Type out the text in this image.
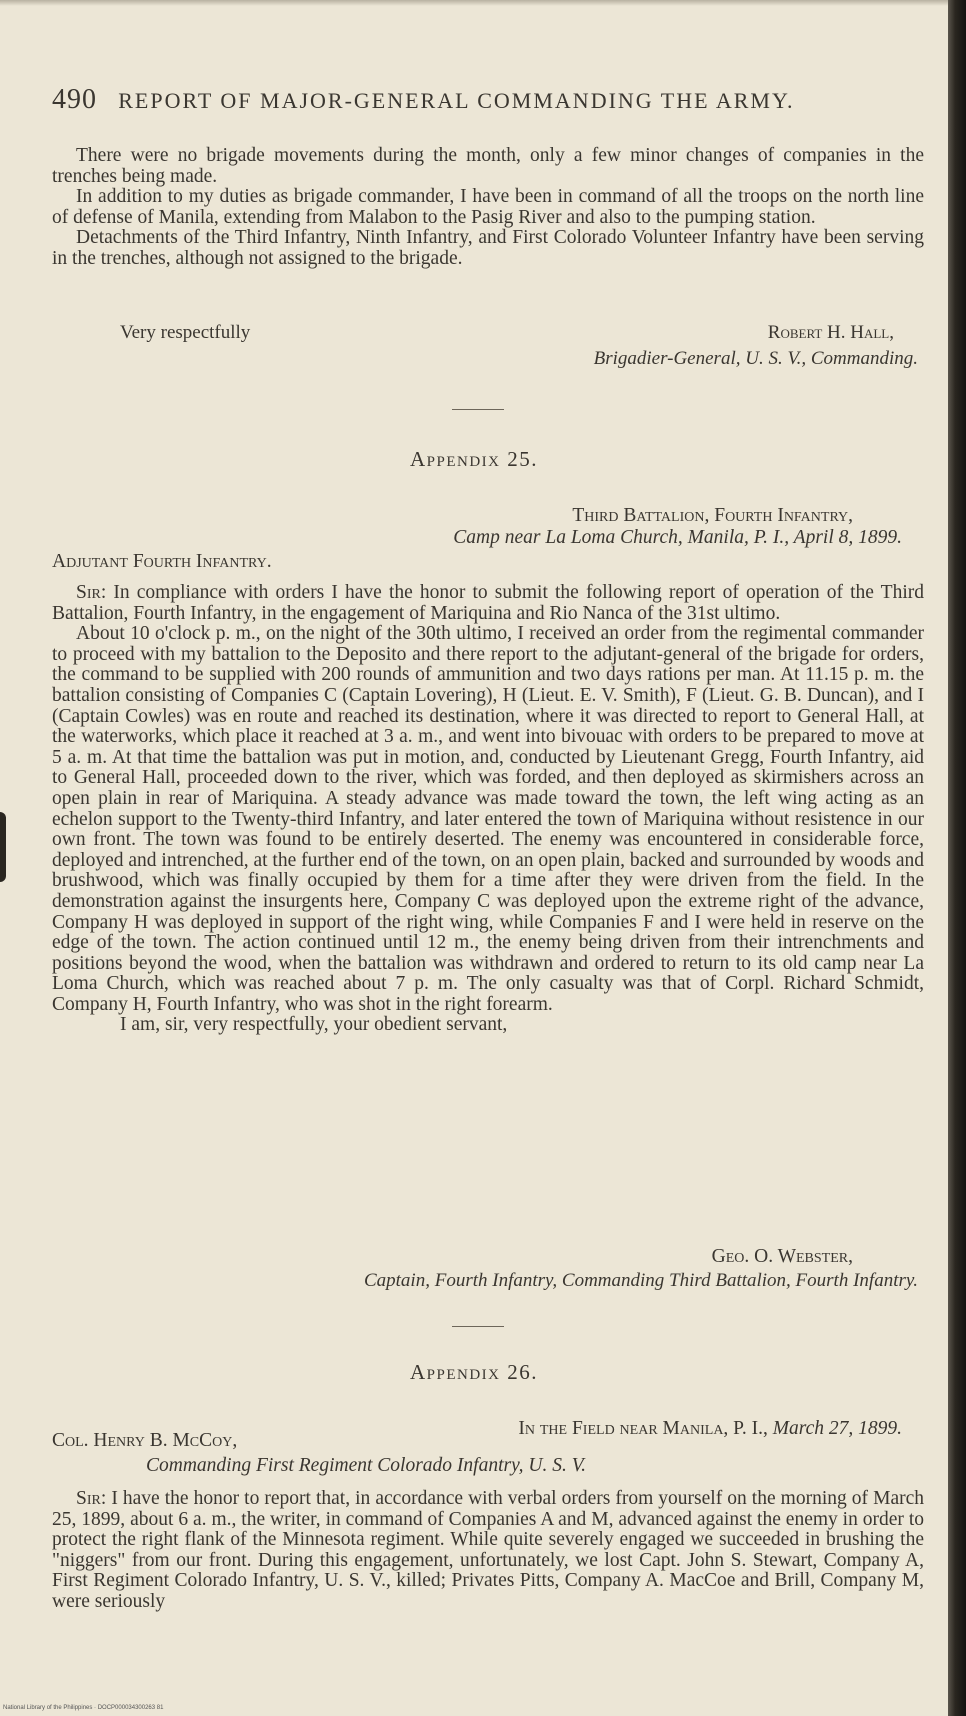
490 REPORT OF MAJOR-GENERAL COMMANDING THE ARMY.

There were no brigade movements during the month, only a few minor changes of companies in the trenches being made.

In addition to my duties as brigade commander, I have been in command of all the troops on the north line of defense of Manila, extending from Malabon to the Pasig River and also to the pumping station.

Detachments of the Third Infantry, Ninth Infantry, and First Colorado Volunteer Infantry have been serving in the trenches, although not assigned to the brigade.

Very respectfully	Robert H. Hall,
Brigadier-General, U. S. V., Commanding.
Appendix 25.
Third Battalion, Fourth Infantry,
Camp near La Loma Church, Manila, P. I., April 8, 1899.
Adjutant Fourth Infantry.

Sir: In compliance with orders I have the honor to submit the following report of operation of the Third Battalion, Fourth Infantry, in the engagement of Mariquina and Rio Nanca of the 31st ultimo.

About 10 o'clock p. m., on the night of the 30th ultimo, I received an order from the regimental commander to proceed with my battalion to the Deposito and there report to the adjutant-general of the brigade for orders, the command to be supplied with 200 rounds of ammunition and two days rations per man. At 11.15 p. m. the battalion consisting of Companies C (Captain Lovering), H (Lieut. E. V. Smith), F (Lieut. G. B. Duncan), and I (Captain Cowles) was en route and reached its destination, where it was directed to report to General Hall, at the waterworks, which place it reached at 3 a. m., and went into bivouac with orders to be prepared to move at 5 a. m. At that time the battalion was put in motion, and, conducted by Lieutenant Gregg, Fourth Infantry, aid to General Hall, proceeded down to the river, which was forded, and then deployed as skirmishers across an open plain in rear of Mariquina. A steady advance was made toward the town, the left wing acting as an echelon support to the Twenty-third Infantry, and later entered the town of Mariquina without resistence in our own front. The town was found to be entirely deserted. The enemy was encountered in considerable force, deployed and intrenched, at the further end of the town, on an open plain, backed and surrounded by woods and brushwood, which was finally occupied by them for a time after they were driven from the field. In the demonstration against the insurgents here, Company C was deployed upon the extreme right of the advance, Company H was deployed in support of the right wing, while Companies F and I were held in reserve on the edge of the town. The action continued until 12 m., the enemy being driven from their intrenchments and positions beyond the wood, when the battalion was withdrawn and ordered to return to its old camp near La Loma Church, which was reached about 7 p. m. The only casualty was that of Corpl. Richard Schmidt, Company H, Fourth Infantry, who was shot in the right forearm.

I am, sir, very respectfully, your obedient servant,

Geo. O. Webster,
Captain, Fourth Infantry, Commanding Third Battalion, Fourth Infantry.
Appendix 26.
In the Field near Manila, P. I., March 27, 1899.
Col. Henry B. McCoy,
Commanding First Regiment Colorado Infantry, U. S. V.

Sir: I have the honor to report that, in accordance with verbal orders from yourself on the morning of March 25, 1899, about 6 a. m., the writer, in command of Companies A and M, advanced against the enemy in order to protect the right flank of the Minnesota regiment. While quite severely engaged we succeeded in brushing the "niggers" from our front. During this engagement, unfortunately, we lost Capt. John S. Stewart, Company A, First Regiment Colorado Infantry, U. S. V., killed; Privates Pitts, Company A. MacCoe and Brill, Company M, were seriously

National Library of the Philippines · DOCP000034300263 81
